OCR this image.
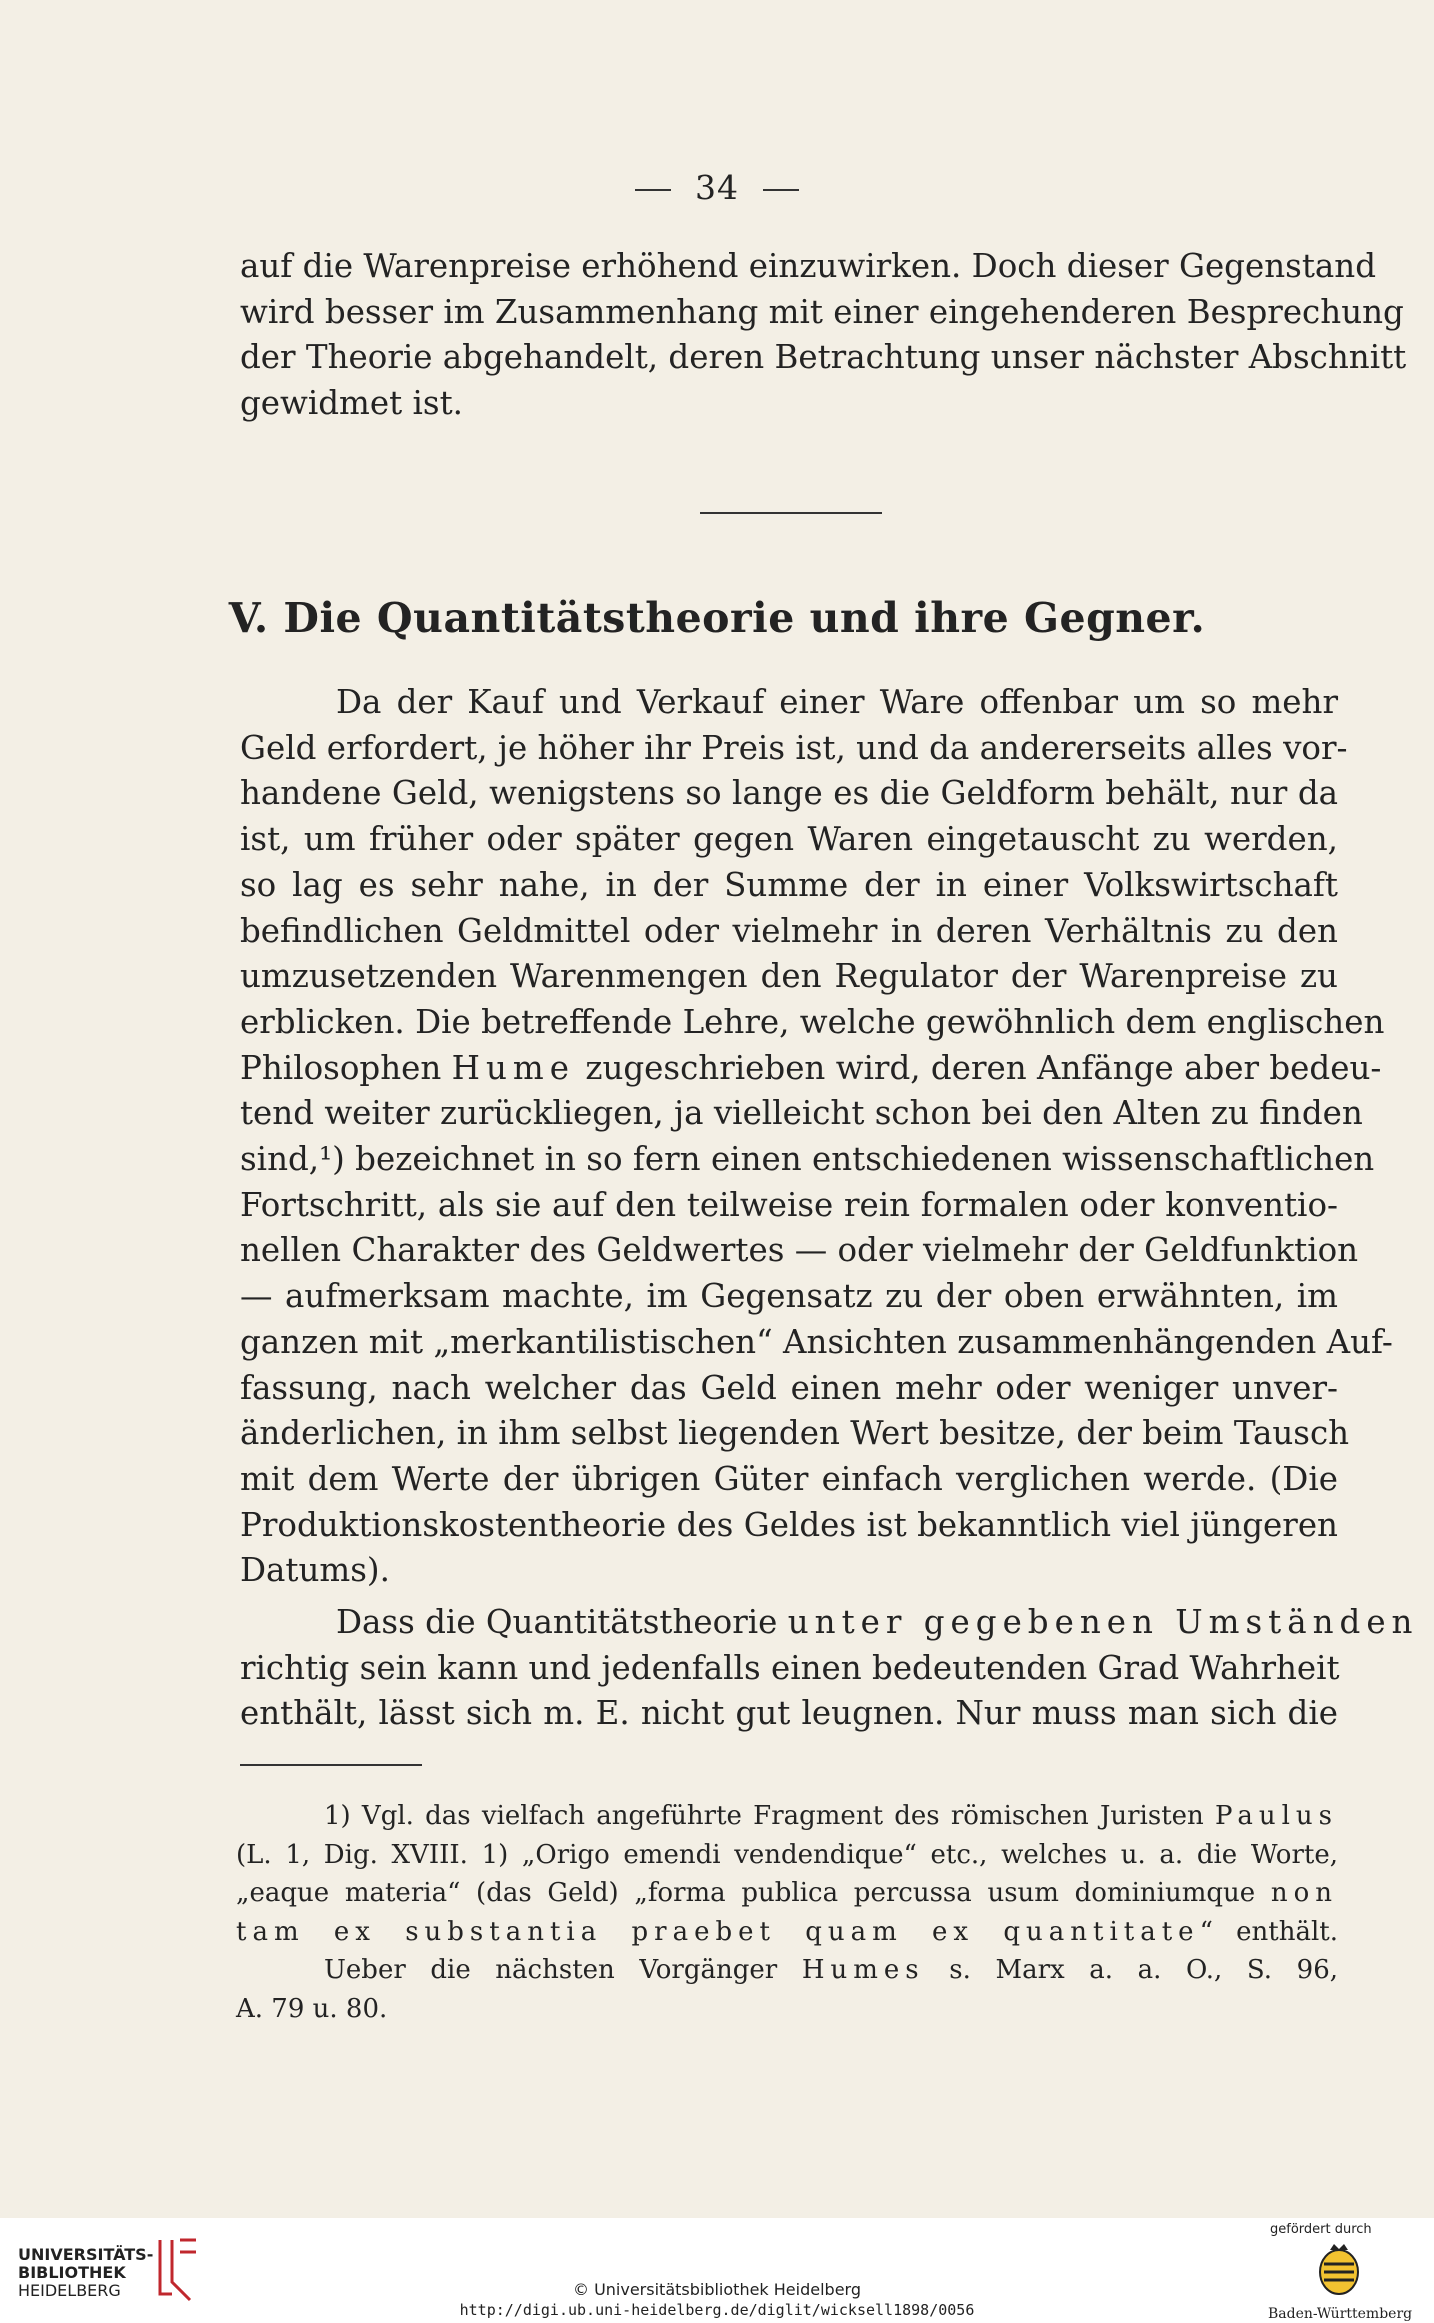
34
auf die Warenpreise erhöhend einzuwirken. Doch dieser Gegenstand
wird besser im Zusammenhang mit einer eingehenderen Besprechung
der Theorie abgehandelt, deren Betrachtung unser nächster Abschnitt
gewidmet ist.
V. Die Quantitätstheorie und ihre Gegner.
Da der Kauf und Verkauf einer Ware offenbar um so mehr
Geld erfordert, je höher ihr Preis ist, und da andererseits alles vor-
handene Geld, wenigstens so lange es die Geldform behält, nur da
ist, um früher oder später gegen Waren eingetauscht zu werden,
so lag es sehr nahe, in der Summe der in einer Volkswirtschaft
befindlichen Geldmittel oder vielmehr in deren Verhältnis zu den
umzusetzenden Warenmengen den Regulator der Warenpreise zu
erblicken. Die betreffende Lehre, welche gewöhnlich dem englischen
Philosophen Hume zugeschrieben wird, deren Anfänge aber bedeu-
tend weiter zurückliegen, ja vielleicht schon bei den Alten zu finden
sind,¹) bezeichnet in so fern einen entschiedenen wissenschaftlichen
Fortschritt, als sie auf den teilweise rein formalen oder konventio-
nellen Charakter des Geldwertes — oder vielmehr der Geldfunktion
— aufmerksam machte, im Gegensatz zu der oben erwähnten, im
ganzen mit „merkantilistischen“ Ansichten zusammenhängenden Auf-
fassung, nach welcher das Geld einen mehr oder weniger unver-
änderlichen, in ihm selbst liegenden Wert besitze, der beim Tausch
mit dem Werte der übrigen Güter einfach verglichen werde. (Die
Produktionskostentheorie des Geldes ist bekanntlich viel jüngeren
Datums).
Dass die Quantitätstheorie unter gegebenen Umständen
richtig sein kann und jedenfalls einen bedeutenden Grad Wahrheit
enthält, lässt sich m. E. nicht gut leugnen. Nur muss man sich die
1) Vgl. das vielfach angeführte Fragment des römischen Juristen Paulus
(L. 1, Dig. XVIII. 1) „Origo emendi vendendique“ etc., welches u. a. die Worte,
„eaque materia“ (das Geld) „forma publica percussa usum dominiumque non
tam ex substantia praebet quam ex quantitate“ enthält.
Ueber die nächsten Vorgänger Humes s. Marx a. a. O., S. 96,
A. 79 u. 80.
UNIVERSITÄTS-
BIBLIOTHEK
HEIDELBERG	© Universitätsbibliothek Heidelberg
http://digi.ub.uni-heidelberg.de/diglit/wicksell1898/0056
gefördert durch
Baden-Württemberg
